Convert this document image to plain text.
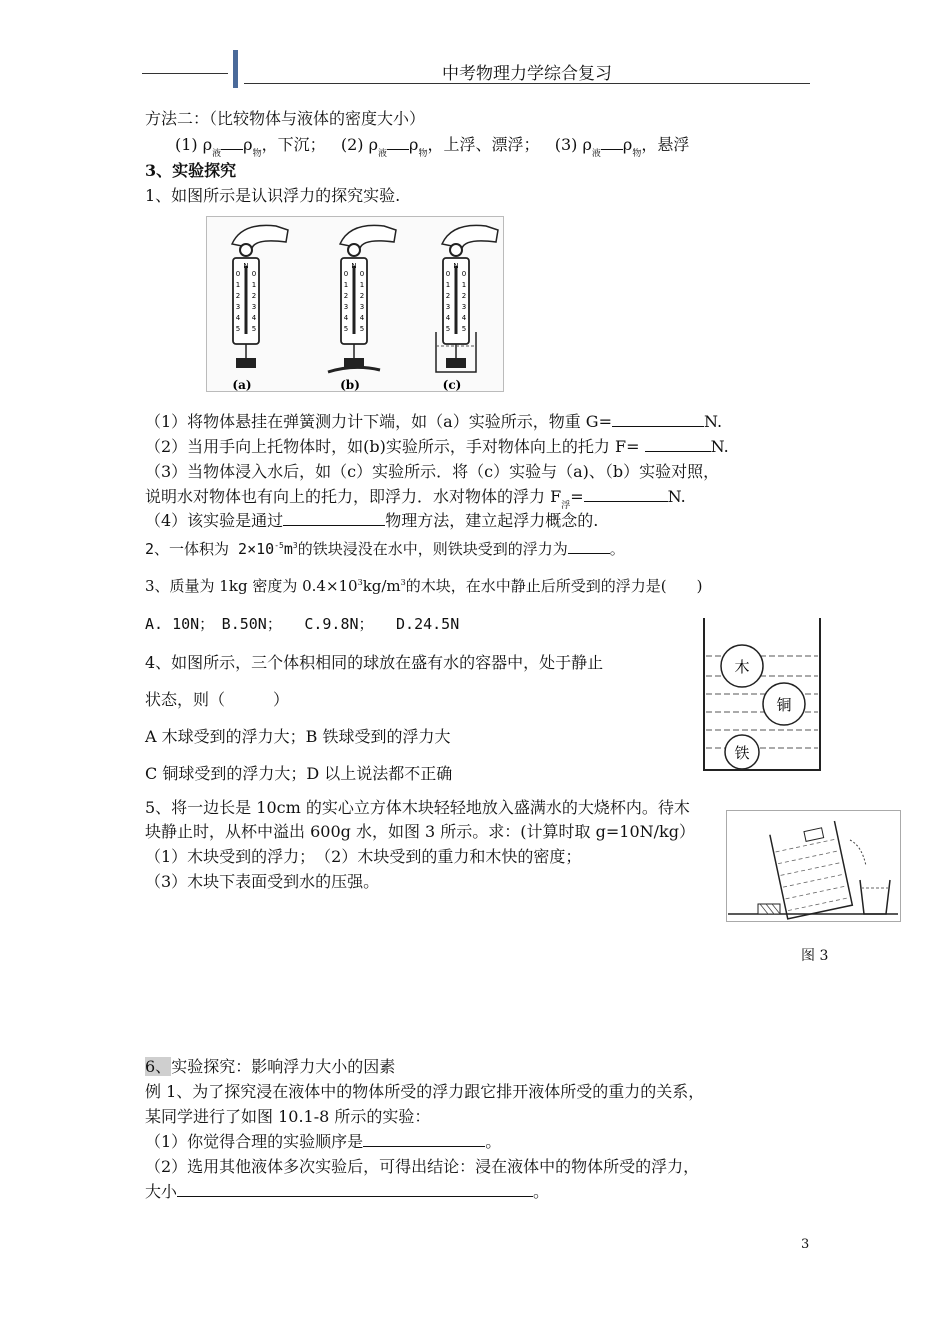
中考物理力学综合复习
方法二：（比较物体与液体的密度大小）
(1) $\rho_液$ $\rho_物$，下沉； (2) $\rho_液$ $\rho_物$，上浮、漂浮； (3) $\rho_液$ $\rho_物$，悬浮
3、实验探究
1、如图所示是认识浮力的探究实验.
N
0 0
1 1
2 2
3 3
4 4
5 5
(a)
N
0 0
1 1
2 2
3 3
4 4
5 5
(b)
N
0 0
1 1
2 2
3 3
4 4
5 5
(c)
（1）将物体悬挂在弹簧测力计下端，如（a）实验所示，物重 G=	N.
（2）当用手向上托物体时，如(b)实验所示，手对物体向上的托力 F=	N.
（3）当物体浸入水后，如（c）实验所示．将（c）实验与（a)、（b）实验对照，
说明水对物体也有向上的托力，即浮力．水对物体的浮力 $F_浮=$	N.
（4）该实验是通过	物理方法，建立起浮力概念的.
2、一体积为 $2\times 10^{-5}m^3$的铁块浸没在水中，则铁块受到的浮力为	。
3、质量为 1kg 密度为 $0.4\times 10^3kg/m^3$的木块，在水中静止后所受到的浮力是(　　)
A. 10N；　B.50N；　　C.9.8N；　　D.24.5N
4、如图所示，三个体积相同的球放在盛有水的容器中，处于静止
状态，则（　　　）
A 木球受到的浮力大；B 铁球受到的浮力大
C 铜球受到的浮力大；D 以上说法都不正确
木
铜
铁
5、将一边长是 10cm 的实心立方体木块轻轻地放入盛满水的大烧杯内。待木
块静止时，从杯中溢出 600g 水，如图 3 所示。求：(计算时取 g=10N/kg）
（1）木块受到的浮力；　（2）木块受到的重力和木快的密度；
（3）木块下表面受到水的压强。
图 3
6、实验探究：影响浮力大小的因素
例 1、为了探究浸在液体中的物体所受的浮力跟它排开液体所受的重力的关系，
某同学进行了如图 10.1-8 所示的实验：
（1）你觉得合理的实验顺序是	。
（2）选用其他液体多次实验后，可得出结论：浸在液体中的物体所受的浮力，
大小	。
3
